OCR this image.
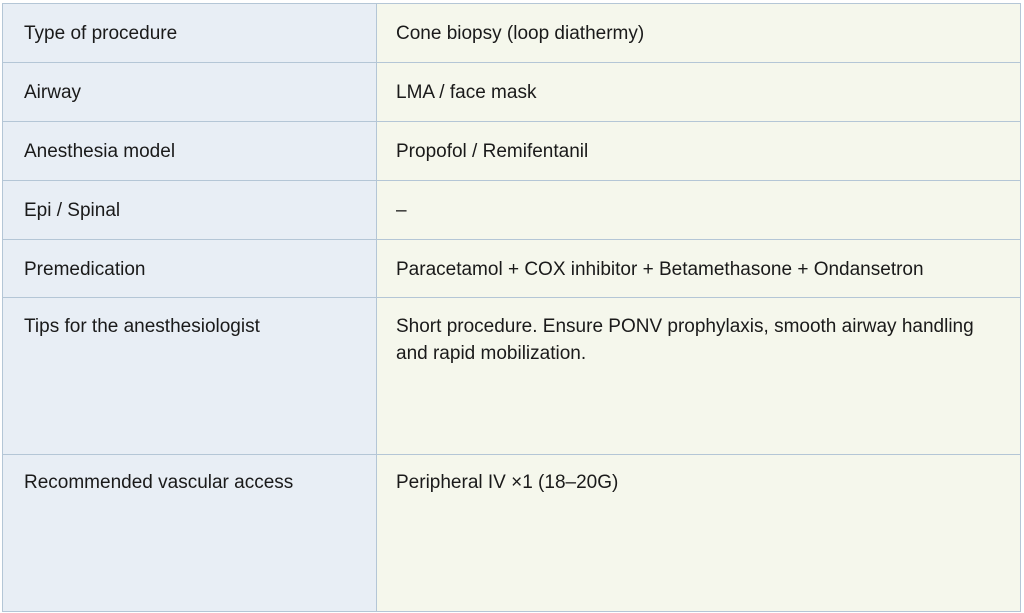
Type of procedure	Cone biopsy (loop diathermy)

Airway	LMA / face mask

Anesthesia model	Propofol / Remifentanil

Epi / Spinal	–

Premedication	Paracetamol + COX inhibitor + Betamethasone + Ondansetron

Tips for the anesthesiologist	Short procedure. Ensure PONV prophylaxis, smooth airway handling and rapid mobilization.

Recommended vascular access	Peripheral IV ×1 (18–20G)
